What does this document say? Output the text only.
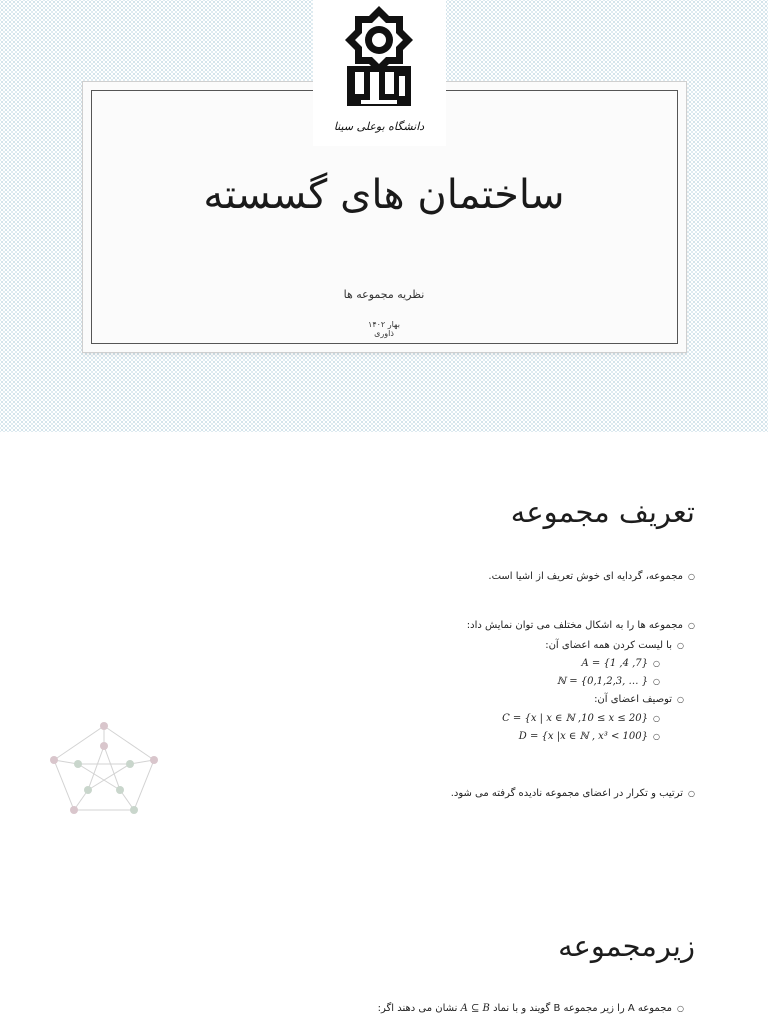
دانشگاه بوعلی سینا
ساختمان های گسسته
نظریه مجموعه ها
بهار ۱۴۰۲
ذاوری
تعریف مجموعه
○مجموعه، گردایه ای خوش تعریف از اشیا است.
○مجموعه ها را به اشکال مختلف می توان نمایش داد:
○با لیست کردن همه اعضای آن:
○A = {1 ,4 ,7}
○ℕ = {0,1,2,3, … }
○توصیف اعضای آن:
○C = {x | x ∈ ℕ ,10 ≤ x ≤ 20}
○D = {x |x ∈ ℕ , x³ < 100}
○ترتیب و تکرار در اعضای مجموعه نادیده گرفته می شود.
زیرمجموعه
○مجموعه A را زیر مجموعه B گویند و با نماد A ⊆ B نشان می دهند اگر:
